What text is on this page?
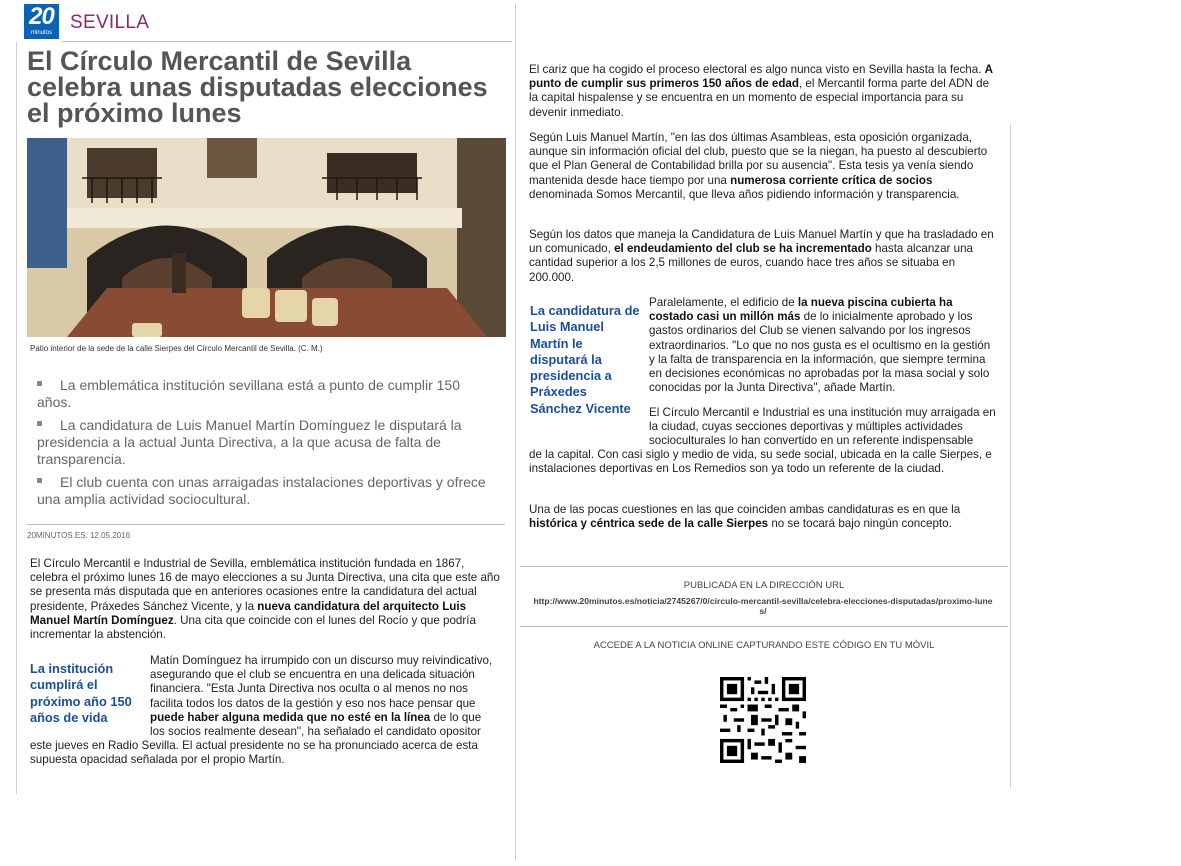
20
minutos SEVILLA
El Círculo Mercantil de Sevilla celebra unas disputadas elecciones el próximo lunes
Patio interior de la sede de la calle Sierpes del Círculo Mercantil de Sevilla. (C. M.)
La emblemática institución sevillana está a punto de cumplir 150 años.
La candidatura de Luis Manuel Martín Domínguez le disputará la presidencia a la actual Junta Directiva, a la que acusa de falta de transparencia.
El club cuenta con unas arraigadas instalaciones deportivas y ofrece una amplia actividad sociocultural.
20MINUTOS.ES. 12.05.2016

El Círculo Mercantil e Industrial de Sevilla, emblemática institución fundada en 1867, celebra el próximo lunes 16 de mayo elecciones a su Junta Directiva, una cita que este año se presenta más disputada que en anteriores ocasiones entre la candidatura del actual presidente, Práxedes Sánchez Vicente, y la nueva candidatura del arquitecto Luis Manuel Martín Domínguez. Una cita que coincide con el lunes del Rocío y que podría incrementar la abstención.

La institución cumplirá el próximo año 150 años de vida

Matín Domínguez ha irrumpido con un discurso muy reivindicativo, asegurando que el club se encuentra en una delicada situación financiera. "Esta Junta Directiva nos oculta o al menos no nos facilita todos los datos de la gestión y eso nos hace pensar que puede haber alguna medida que no esté en la línea de lo que los socios realmente desean", ha señalado el candidato opositor este jueves en Radio Sevilla. El actual presidente no se ha pronunciado acerca de esta supuesta opacidad señalada por el propio Martín.

El cariz que ha cogido el proceso electoral es algo nunca visto en Sevilla hasta la fecha. A punto de cumplir sus primeros 150 años de edad, el Mercantil forma parte del ADN de la capital hispalense y se encuentra en un momento de especial importancia para su devenir inmediato.

Según Luis Manuel Martín, "en las dos últimas Asambleas, esta oposición organizada, aunque sin información oficial del club, puesto que se la niegan, ha puesto al descubierto que el Plan General de Contabilidad brilla por su ausencia". Esta tesis ya venía siendo mantenida desde hace tiempo por una numerosa corriente crítica de socios denominada Somos Mercantil, que lleva años pidiendo información y transparencia.

Según los datos que maneja la Candidatura de Luis Manuel Martín y que ha trasladado en un comunicado, el endeudamiento del club se ha incrementado hasta alcanzar una cantidad superior a los 2,5 millones de euros, cuando hace tres años se situaba en 200.000.

La candidatura de Luis Manuel Martín le disputará la presidencia a Práxedes Sánchez Vicente

Paralelamente, el edificio de la nueva piscina cubierta ha costado casi un millón más de lo inicialmente aprobado y los gastos ordinarios del Club se vienen salvando por los ingresos extraordinarios. "Lo que no nos gusta es el ocultismo en la gestión y la falta de transparencia en la información, que siempre termina en decisiones económicas no aprobadas por la masa social y solo conocidas por la Junta Directiva", añade Martín.

El Círculo Mercantil e Industrial es una institución muy arraigada en la ciudad, cuyas secciones deportivas y múltiples actividades socioculturales lo han convertido en un referente indispensable

de la capital. Con casi siglo y medio de vida, su sede social, ubicada en la calle Sierpes, e instalaciones deportivas en Los Remedios son ya todo un referente de la ciudad.

Una de las pocas cuestiones en las que coinciden ambas candidaturas es en que la histórica y céntrica sede de la calle Sierpes no se tocará bajo ningún concepto.

PUBLICADA EN LA DIRECCIÓN URL
http://www.20minutos.es/noticia/2745267/0/circulo-mercantil-sevilla/celebra-elecciones-disputadas/proximo-lunes/
ACCEDE A LA NOTICIA ONLINE CAPTURANDO ESTE CÓDIGO EN TU MÓVIL
